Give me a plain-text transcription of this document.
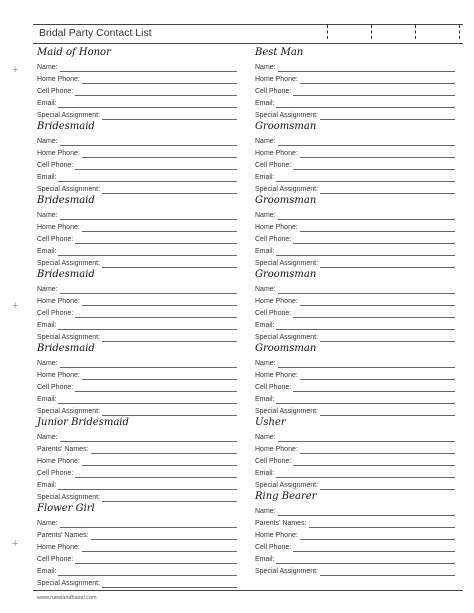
Bridal Party Contact List
+
+
+
Maid of Honor
Name:
Home Phone:
Cell Phone:
Email:
Special Assignment:
Bridesmaid
Name:
Home Phone:
Cell Phone:
Email:
Special Assignment:
Bridesmaid
Name:
Home Phone:
Cell Phone:
Email:
Special Assignment:
Bridesmaid
Name:
Home Phone:
Cell Phone:
Email:
Special Assignment:
Bridesmaid
Name:
Home Phone:
Cell Phone:
Email:
Special Assignment:
Junior Bridesmaid
Name:
Parents' Names:
Home Phone:
Cell Phone:
Email:
Special Assignment:
Flower Girl
Name:
Parents' Names:
Home Phone:
Cell Phone:
Email:
Special Assignment:
Best Man
Name:
Home Phone:
Cell Phone:
Email:
Special Assignment:
Groomsman
Name:
Home Phone:
Cell Phone:
Email:
Special Assignment:
Groomsman
Name:
Home Phone:
Cell Phone:
Email:
Special Assignment:
Groomsman
Name:
Home Phone:
Cell Phone:
Email:
Special Assignment:
Groomsman
Name:
Home Phone:
Cell Phone:
Email:
Special Assignment:
Usher
Name:
Home Phone:
Cell Phone:
Email:
Special Assignment:
Ring Bearer
Name:
Parents' Names:
Home Phone:
Cell Phone:
Email:
Special Assignment:
www.rueeiandhazel.com
